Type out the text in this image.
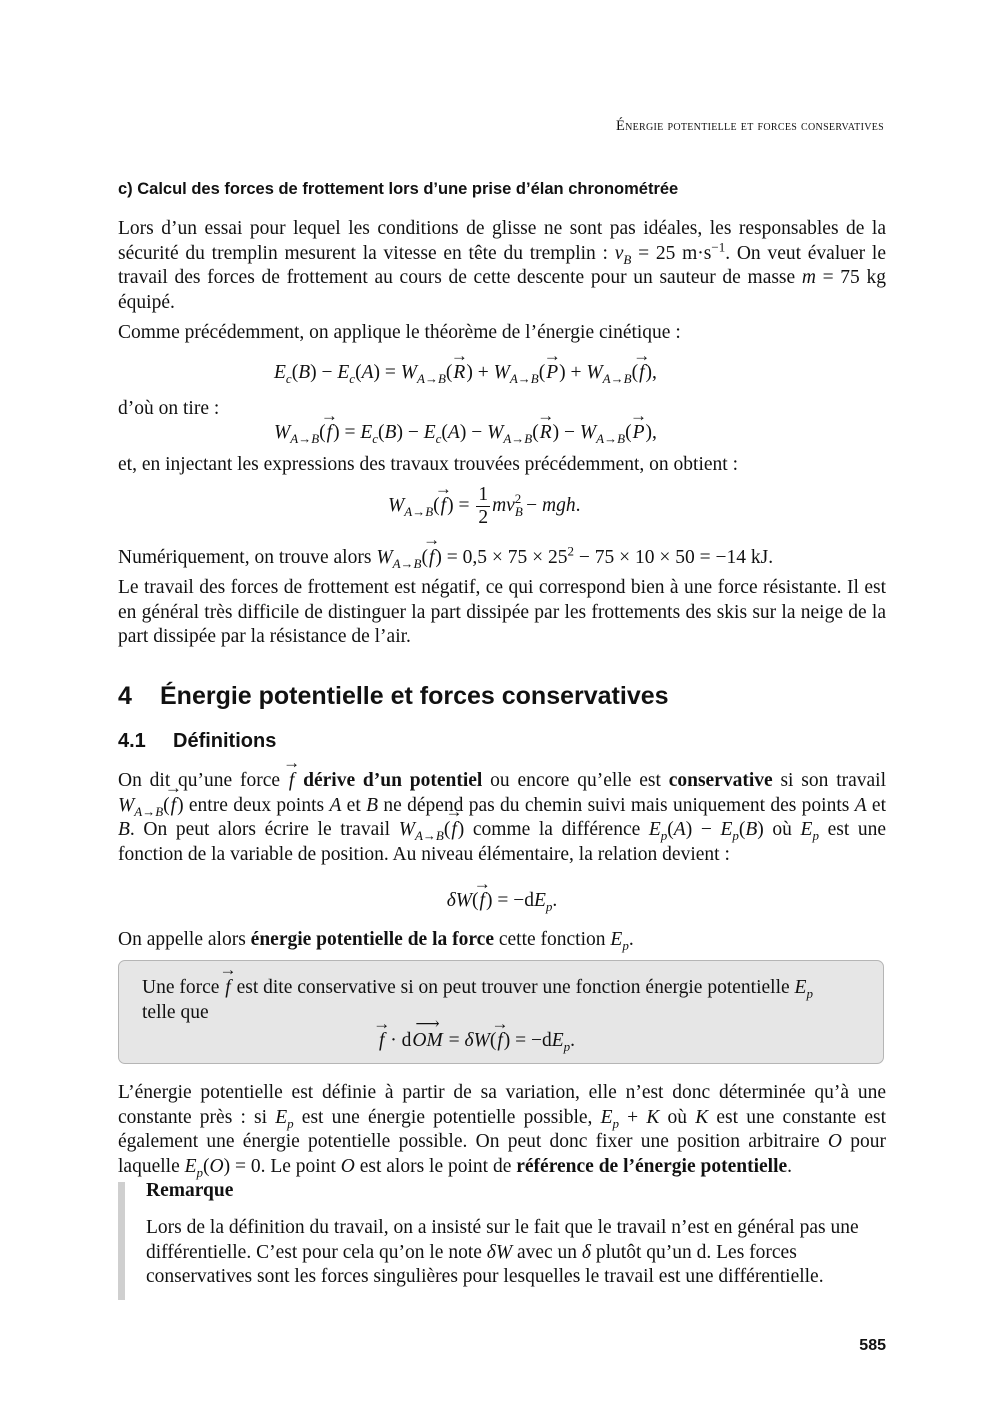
Énergie potentielle et forces conservatives
c) Calcul des forces de frottement lors d’une prise d’élan chronométrée
Lors d’un essai pour lequel les conditions de glisse ne sont pas idéales, les responsables de la sécurité du tremplin mesurent la vitesse en tête du tremplin : $v_B = 25$ $m\cdot s^{-1}$. On veut évaluer le travail des forces de frottement au cours de cette descente pour un sauteur de masse m = 75 kg équipé.
Comme précédemment, on applique le théorème de l’énergie cinétique :
$E_c(B) - E_c(A) = W_{A\to B}(\to R) + W_{A\to B}(\to P) + W_{A\to B}(\to f)$,
d’où on tire :
$W_{A\to B}(\to f) = E_c(B) - E_c(A) - W_{A\to B}(\to R) - W_{A\to B}(\to P)$,
et, en injectant les expressions des travaux trouvées précédemment, on obtient :
$W_{A\to B}(\to f) = \frac{1}{2} mv_B^2$ − mgh.
Numériquement, on trouve alors $W_{A\to B}(\to f) = 0,5 \times 75 \times 25^2 - 75 \times 10 \times 50 = -14$ kJ.
Le travail des forces de frottement est négatif, ce qui correspond bien à une force résistante. Il est en général très difficile de distinguer la part dissipée par les frottements des skis sur la neige de la part dissipée par la résistance de l’air.
4 Énergie potentielle et forces conservatives
4.1 Définitions
On dit qu’une force → f dérive d’un potentiel ou encore qu’elle est conservative si son travail $W_{A\to B}(\to f)$ entre deux points A et B ne dépend pas du chemin suivi mais uniquement des points A et B. On peut alors écrire le travail $W_{A\to B}(\to f)$ comme la différence $E_p(A) - E_p(B)$ où $E_p$ est une fonction de la variable de position. Au niveau élémentaire, la relation devient :
$\delta W(\to f) = -dE_p$.
On appelle alors énergie potentielle de la force cette fonction $E_p$.
Une force → f est dite conservative si on peut trouver une fonction énergie potentielle $E_p$
telle que
→ f · d⟶ OM = $\delta W(\to f) = -dE_p$.
L’énergie potentielle est définie à partir de sa variation, elle n’est donc déterminée qu’à une constante près : si $E_p$ est une énergie potentielle possible, $E_p + K$ où K est une constante est également une énergie potentielle possible. On peut donc fixer une position arbitraire O pour laquelle $E_p(O) = 0$. Le point O est alors le point de référence de l’énergie potentielle.
Remarque
Lors de la définition du travail, on a insisté sur le fait que le travail n’est en général pas une différentielle. C’est pour cela qu’on le note δW avec un δ plutôt qu’un d. Les forces conservatives sont les forces singulières pour lesquelles le travail est une différentielle.
585
